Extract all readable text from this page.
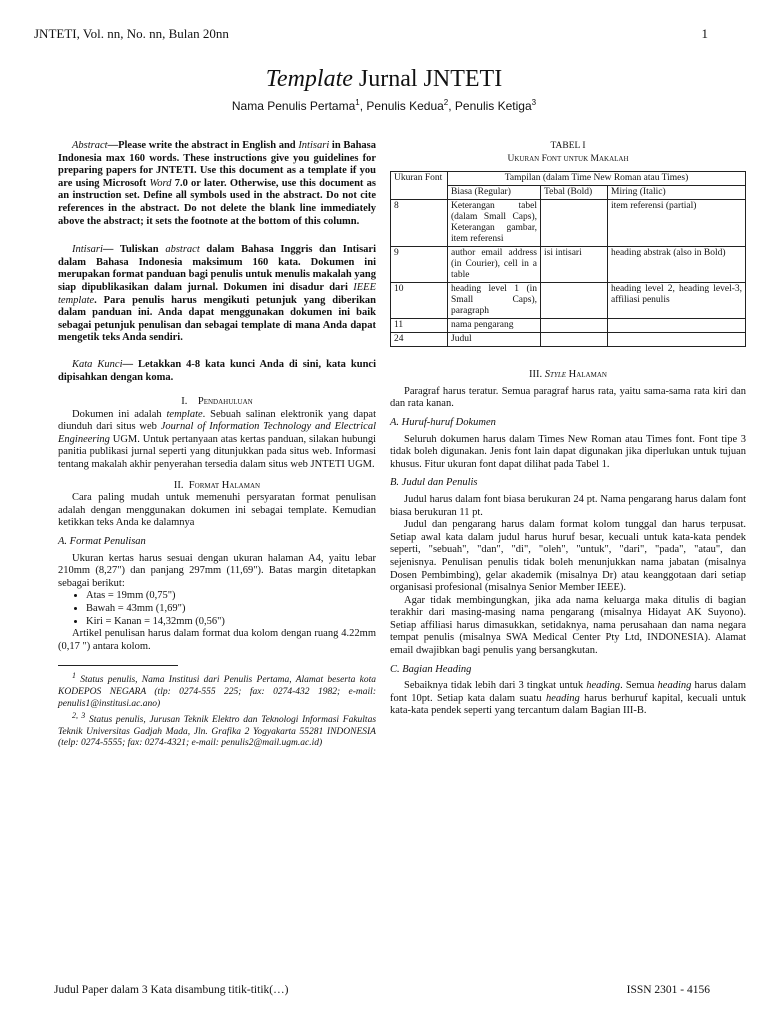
JNTETI, Vol. nn, No. nn, Bulan 20nn	1
Template Jurnal JNTETI
Nama Penulis Pertama$^1$, Penulis Kedua$^2$, Penulis Ketiga$^3$

Abstract—Please write the abstract in English and Intisari in Bahasa Indonesia max 160 words. These instructions give you guidelines for preparing papers for JNTETI. Use this document as a template if you are using Microsoft Word 7.0 or later. Otherwise, use this document as an instruction set. Define all symbols used in the abstract. Do not cite references in the abstract. Do not delete the blank line immediately above the abstract; it sets the footnote at the bottom of this column.

Intisari— Tuliskan abstract dalam Bahasa Inggris dan Intisari dalam Bahasa Indonesia maksimum 160 kata. Dokumen ini merupakan format panduan bagi penulis untuk menulis makalah yang siap dipublikasikan dalam jurnal. Dokumen ini disadur dari IEEE template. Para penulis harus mengikuti petunjuk yang diberikan dalam panduan ini. Anda dapat menggunakan dokumen ini baik sebagai petunjuk penulisan dan sebagai template di mana Anda dapat mengetik teks Anda sendiri.

Kata Kunci— Letakkan 4-8 kata kunci Anda di sini, kata kunci dipisahkan dengan koma.

I. Pendahuluan

Dokumen ini adalah template. Sebuah salinan elektronik yang dapat diunduh dari situs web Journal of Information Technology and Electrical Engineering UGM. Untuk pertanyaan atas kertas panduan, silakan hubungi panitia publikasi jurnal seperti yang ditunjukkan pada situs web. Informasi tentang makalah akhir penyerahan tersedia dalam situs web JNTETI UGM.

II. Format Halaman

Cara paling mudah untuk memenuhi persyaratan format penulisan adalah dengan menggunakan dokumen ini sebagai template. Kemudian ketikkan teks Anda ke dalamnya

A. Format Penulisan

Ukuran kertas harus sesuai dengan ukuran halaman A4, yaitu lebar 210mm (8,27") dan panjang 297mm (11,69"). Batas margin ditetapkan sebagai berikut:

• Atas = 19mm (0,75")
• Bawah = 43mm (1,69")
• Kiri = Kanan = 14,32mm (0,56")

Artikel penulisan harus dalam format dua kolom dengan ruang 4.22mm (0,17 ") antara kolom.

$^1$ Status penulis, Nama Institusi dari Penulis Pertama, Alamat beserta kota KODEPOS NEGARA (tlp: 0274-555 225; fax: 0274-432 1982; e-mail: penulis1@institusi.ac.ano)

$^{2, 3}$ Status penulis, Jurusan Teknik Elektro dan Teknologi Informasi Fakultas Teknik Universitas Gadjah Mada, Jln. Grafika 2 Yogyakarta 55281 INDONESIA (telp: 0274-5555; fax: 0274-4321; e-mail: penulis2@mail.ugm.ac.id)

TABEL I

Ukuran Font untuk Makalah

Ukuran Font	Tampilan (dalam Time New Roman atau Times)		
	Biasa (Regular)	Tebal (Bold)	Miring (Italic)
8	Keterangan tabel (dalam Small Caps), Keterangan gambar, item referensi		item referensi (partial)
9	author email address (in Courier), cell in a table	isi intisari	heading abstrak (also in Bold)
10	heading level 1 (in Small Caps), paragraph		heading level 2, heading level-3, affiliasi penulis
11	nama pengarang		
24	Judul		

III. Style Halaman

Paragraf harus teratur. Semua paragraf harus rata, yaitu sama-sama rata kiri dan dan rata kanan.

A. Huruf-huruf Dokumen

Seluruh dokumen harus dalam Times New Roman atau Times font. Font tipe 3 tidak boleh digunakan. Jenis font lain dapat digunakan jika diperlukan untuk tujuan khusus. Fitur ukuran font dapat dilihat pada Tabel 1.

B. Judul dan Penulis

Judul harus dalam font biasa berukuran 24 pt. Nama pengarang harus dalam font biasa berukuran 11 pt.

Judul dan pengarang harus dalam format kolom tunggal dan harus terpusat. Setiap awal kata dalam judul harus huruf besar, kecuali untuk kata-kata pendek seperti, "sebuah", "dan", "di", "oleh", "untuk", "dari", "pada", "atau", dan sejenisnya. Penulisan penulis tidak boleh menunjukkan nama jabatan (misalnya Dosen Pembimbing), gelar akademik (misalnya Dr) atau keanggotaan dari setiap organisasi profesional (misalnya Senior Member IEEE).

Agar tidak membingungkan, jika ada nama keluarga maka ditulis di bagian terakhir dari masing-masing nama pengarang (misalnya Hidayat AK Suyono). Setiap affiliasi harus dimasukkan, setidaknya, nama perusahaan dan nama negara tempat penulis (misalnya SWA Medical Center Pty Ltd, INDONESIA). Alamat email dwajibkan bagi penulis yang bersangkutan.

C. Bagian Heading

Sebaiknya tidak lebih dari 3 tingkat untuk heading. Semua heading harus dalam font 10pt. Setiap kata dalam suatu heading harus berhuruf kapital, kecuali untuk kata-kata pendek seperti yang tercantum dalam Bagian III-B.

Judul Paper dalam 3 Kata disambung titik-titik(…)	ISSN 2301 - 4156
